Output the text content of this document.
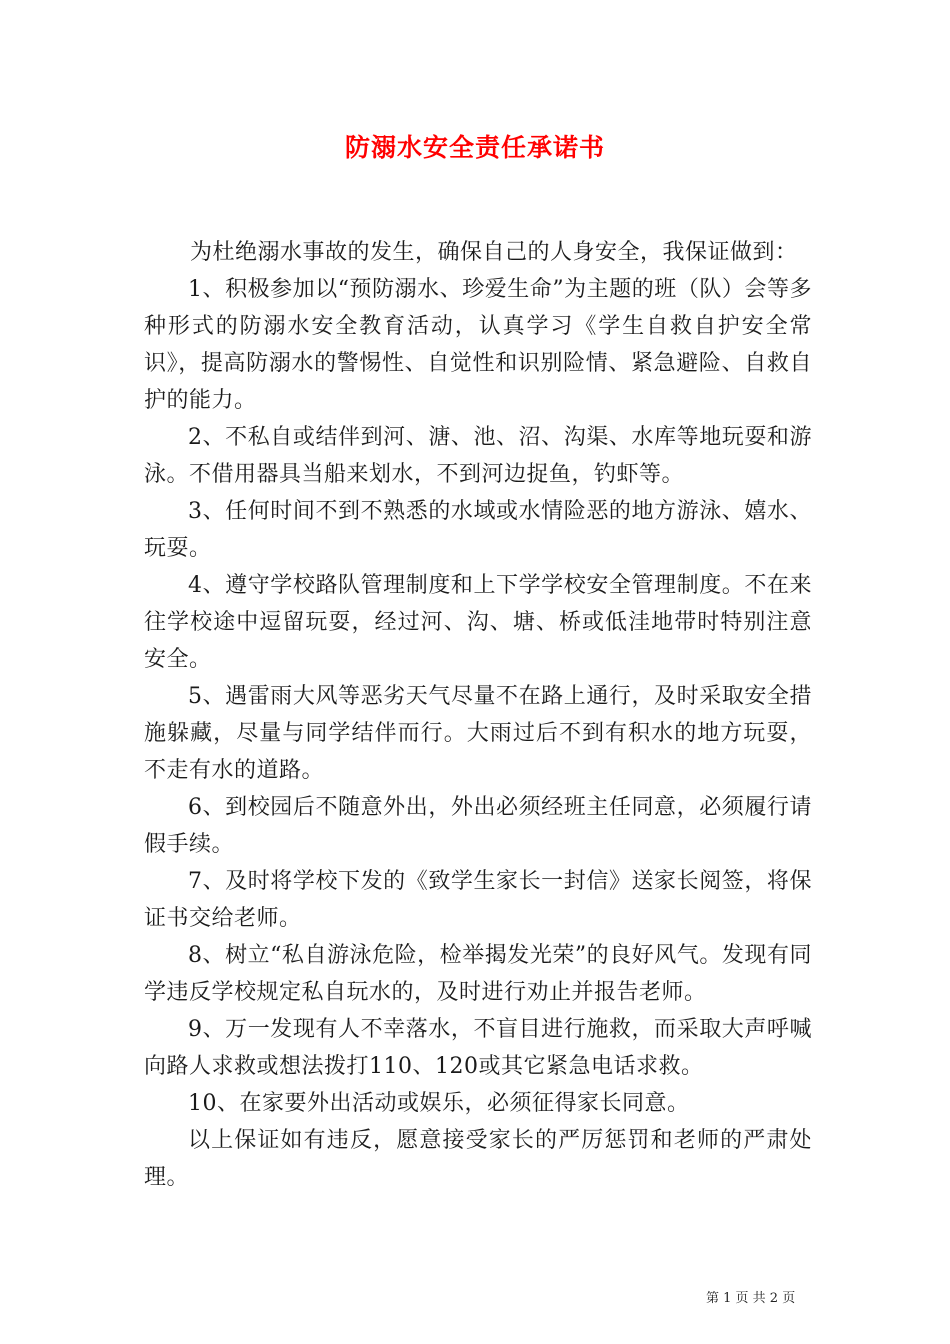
防溺水安全责任承诺书

为杜绝溺水事故的发生，确保自己的人身安全，我保证做到：

1、积极参加以“预防溺水、珍爱生命”为主题的班（队）会等多种形式的防溺水安全教育活动，认真学习《学生自救自护安全常识》，提高防溺水的警惕性、自觉性和识别险情、紧急避险、自救自护的能力。

2、不私自或结伴到河、溏、池、沼、沟渠、水库等地玩耍和游泳。不借用器具当船来划水，不到河边捉鱼，钓虾等。

3、任何时间不到不熟悉的水域或水情险恶的地方游泳、嬉水、玩耍。

4、遵守学校路队管理制度和上下学学校安全管理制度。不在来往学校途中逗留玩耍，经过河、沟、塘、桥或低洼地带时特别注意安全。

5、遇雷雨大风等恶劣天气尽量不在路上通行，及时采取安全措施躲藏，尽量与同学结伴而行。大雨过后不到有积水的地方玩耍，不走有水的道路。

6、到校园后不随意外出，外出必须经班主任同意，必须履行请假手续。

7、及时将学校下发的《致学生家长一封信》送家长阅签，将保证书交给老师。

8、树立“私自游泳危险，检举揭发光荣”的良好风气。发现有同学违反学校规定私自玩水的，及时进行劝止并报告老师。

9、万一发现有人不幸落水，不盲目进行施救，而采取大声呼喊向路人求救或想法拨打110、120或其它紧急电话求救。

10、在家要外出活动或娱乐，必须征得家长同意。

以上保证如有违反，愿意接受家长的严厉惩罚和老师的严肃处理。

第 1 页 共 2 页
